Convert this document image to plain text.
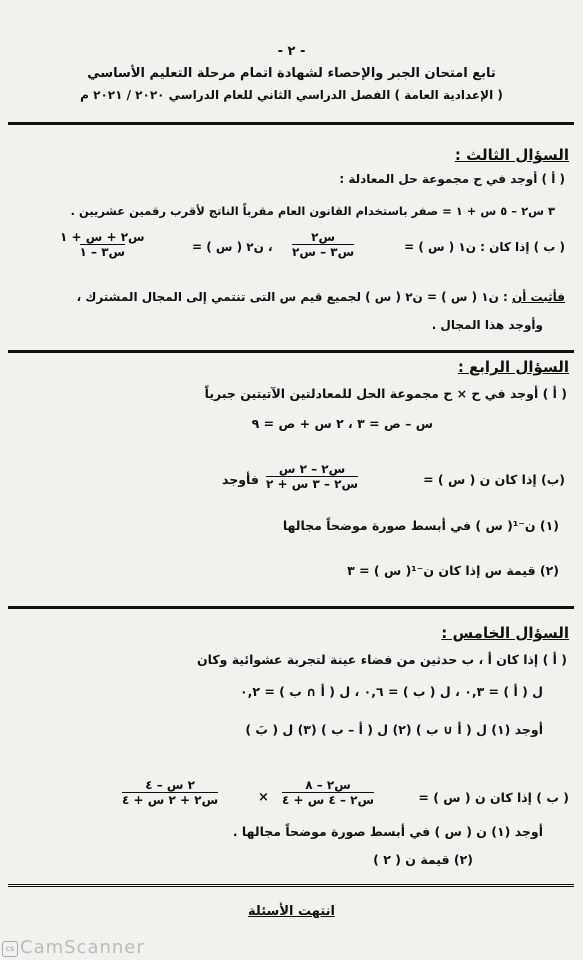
- ٢ -
تابع امتحان الجبر والإحصاء لشهادة اتمام مرحلة التعليم الأساسي
( الإعدادية العامة ) الفصل الدراسي الثاني للعام الدراسي ٢٠٢٠ / ٢٠٢١ م
السؤال الثالث :
( أ ) أوجد في ح مجموعة حل المعادلة :
٣ س٢ – ٥ س + ١ = صفر باستخدام القانون العام مقرباً الناتج لأقرب رقمين عشريين .
( ب ) إذا كان : ن١ ( س ) =
س٢
س٣ – س٢
، ن٢ ( س ) =
س٢ + س + ١
س٣ – ١
فأثبت أن : ن١ ( س ) = ن٢ ( س ) لجميع قيم س التى تنتمي إلى المجال المشترك ،
وأوجد هذا المجال .
السؤال الرابع :
( أ ) أوجد في ح × ح مجموعة الحل للمعادلتين الآتيتين جبرياً
س – ص = ٣ ، ٢ س + ص = ٩
(ب) إذا كان ن ( س ) =
س٢ – ٢ س
س٢ – ٣ س + ٢
فأوجد
(١) ن⁻¹( س ) في أبسط صورة موضحاً مجالها
(٢) قيمة س إذا كان ن⁻¹( س ) = ٣
السؤال الخامس :
( أ ) إذا كان أ ، ب حدثين من فضاء عينة لتجربة عشوائية وكان
ل ( أ ) = ٠,٣ ، ل ( ب ) = ٠,٦ ، ل ( أ ∩ ب ) = ٠,٢
أوجد (١) ل ( أ ∪ ب ) (٢) ل ( أ – ب ) (٣) ل ( بَ )
( ب ) إذا كان ن ( س ) =
س٢ – ٨
س٢ – ٤ س + ٤
×
٢ س – ٤
س٢ + ٢ س + ٤
أوجد (١) ن ( س ) في أبسط صورة موضحاً مجالها .
(٢) قيمة ن ( ٢ )
انتهت الأسئلة
cs CamScanner
